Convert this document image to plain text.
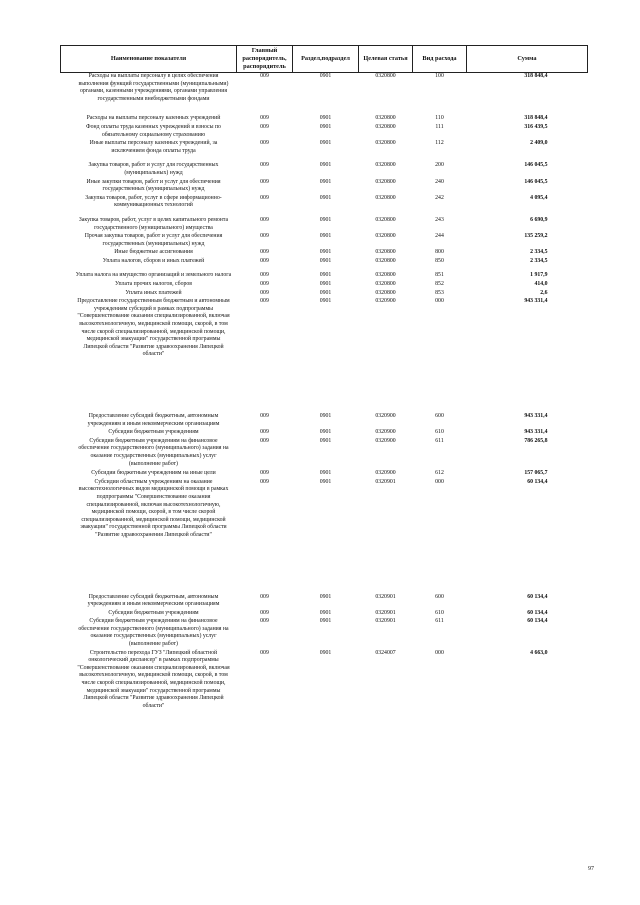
Наименование показателя	Главный распорядитель, распорядитель	Раздел,подраздел	Целевая статья	Вид расхода	Сумма
Расходы на выплаты персоналу в целях обеспечения выполнения функций государственными (муниципальными) органами, казенными учреждениями, органами управления государственными внебюджетными фондами	009	0901	0320800	100	318 848,4
Расходы на выплаты персоналу казенных учреждений	009	0901	0320800	110	318 848,4
Фонд оплаты труда казенных учреждений и взносы по обязательному социальному страхованию	009	0901	0320800	111	316 439,5
Иные выплаты персоналу казенных учреждений, за исключением фонда оплаты труда	009	0901	0320800	112	2 409,0
Закупка товаров, работ и услуг для государственных (муниципальных) нужд	009	0901	0320800	200	146 045,5
Иные закупки товаров, работ и услуг для обеспечения государственных (муниципальных) нужд	009	0901	0320800	240	146 045,5
Закупка товаров, работ, услуг в сфере информационно-коммуникационных технологий	009	0901	0320800	242	4 095,4
Закупка товаров, работ, услуг в целях капитального ремонта государственного (муниципального) имущества	009	0901	0320800	243	6 690,9
Прочая закупка товаров, работ и услуг для обеспечения государственных (муниципальных) нужд	009	0901	0320800	244	135 259,2
Иные бюджетные ассигнования	009	0901	0320800	800	2 334,5
Уплата налогов, сборов и иных платежей	009	0901	0320800	850	2 334,5
Уплата налога на имущество организаций и земельного налога	009	0901	0320800	851	1 917,9
Уплата прочих налогов, сборов	009	0901	0320800	852	414,0
Уплата иных платежей	009	0901	0320800	853	2,6
Предоставление государственным бюджетным и автономным учреждениям субсидий в рамках подпрограммы "Совершенствование оказания специализированной, включая высокотехнологичную, медицинской помощи, скорой, в том числе скорой специализированной, медицинской помощи, медицинской эвакуации" государственной программы Липецкой области "Развитие здравоохранения Липецкой области"	009	0901	0320900	000	943 331,4
Предоставление субсидий бюджетным, автономным учреждениям и иным некоммерческим организациям	009	0901	0320900	600	943 331,4
Субсидии бюджетным учреждениям	009	0901	0320900	610	943 331,4
Субсидии бюджетным учреждениям на финансовое обеспечение государственного (муниципального) задания на оказание государственных (муниципальных) услуг (выполнение работ)	009	0901	0320900	611	786 265,8
Субсидии бюджетным учреждениям на иные цели	009	0901	0320900	612	157 065,7
Субсидии областным учреждениям на оказание высокотехнологичных видов медицинской помощи в рамках подпрограммы "Совершенствование оказания специализированной, включая высокотехнологичную, медицинской помощи, скорой, в том числе скорой специализированной, медицинской помощи, медицинской эвакуации" государственной программы Липецкой области "Развитие здравоохранения Липецкой области"	009	0901	0320901	000	60 134,4
Предоставление субсидий бюджетным, автономным учреждениям и иным некоммерческим организациям	009	0901	0320901	600	60 134,4
Субсидии бюджетным учреждениям	009	0901	0320901	610	60 134,4
Субсидии бюджетным учреждениям на финансовое обеспечение государственного (муниципального) задания на оказание государственных (муниципальных) услуг (выполнение работ)	009	0901	0320901	611	60 134,4
Строительство перехода ГУЗ "Липецкий областной онкологический диспансер" в рамках подпрограммы "Совершенствование оказания специализированной, включая высокотехнологичную, медицинской помощи, скорой, в том числе скорой специализированной, медицинской помощи, медицинской эвакуации" государственной программы Липецкой области "Развитие здравоохранения Липецкой области"	009	0901	0324007	000	4 663,0
97
